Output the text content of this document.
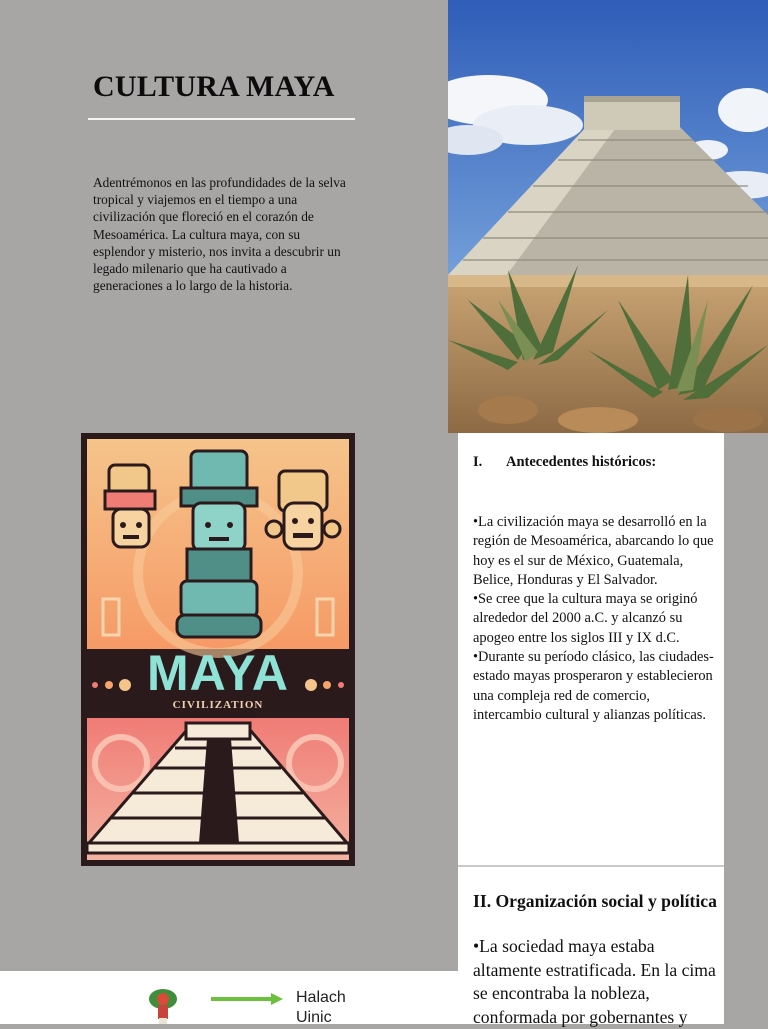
CULTURA MAYA

Adentrémonos en las profundidades de la selva tropical y viajemos en el tiempo a una civilización que floreció en el corazón de Mesoamérica. La cultura maya, con su esplendor y misterio, nos invita a descubrir un legado milenario que ha cautivado a generaciones a lo largo de la historia.

CIVILIZATION
MAYA

I. Antecedentes históricos:

•La civilización maya se desarrolló en la región de Mesoamérica, abarcando lo que hoy es el sur de México, Guatemala, Belice, Honduras y El Salvador.
•Se cree que la cultura maya se originó alrededor del 2000 a.C. y alcanzó su apogeo entre los siglos III y IX d.C.
•Durante su período clásico, las ciudades-estado mayas prosperaron y establecieron una compleja red de comercio, intercambio cultural y alianzas políticas.

II. Organización social y política

•La sociedad maya estaba altamente estratificada. En la cima se encontraba la nobleza, conformada por gobernantes y

Halach
Uinic
